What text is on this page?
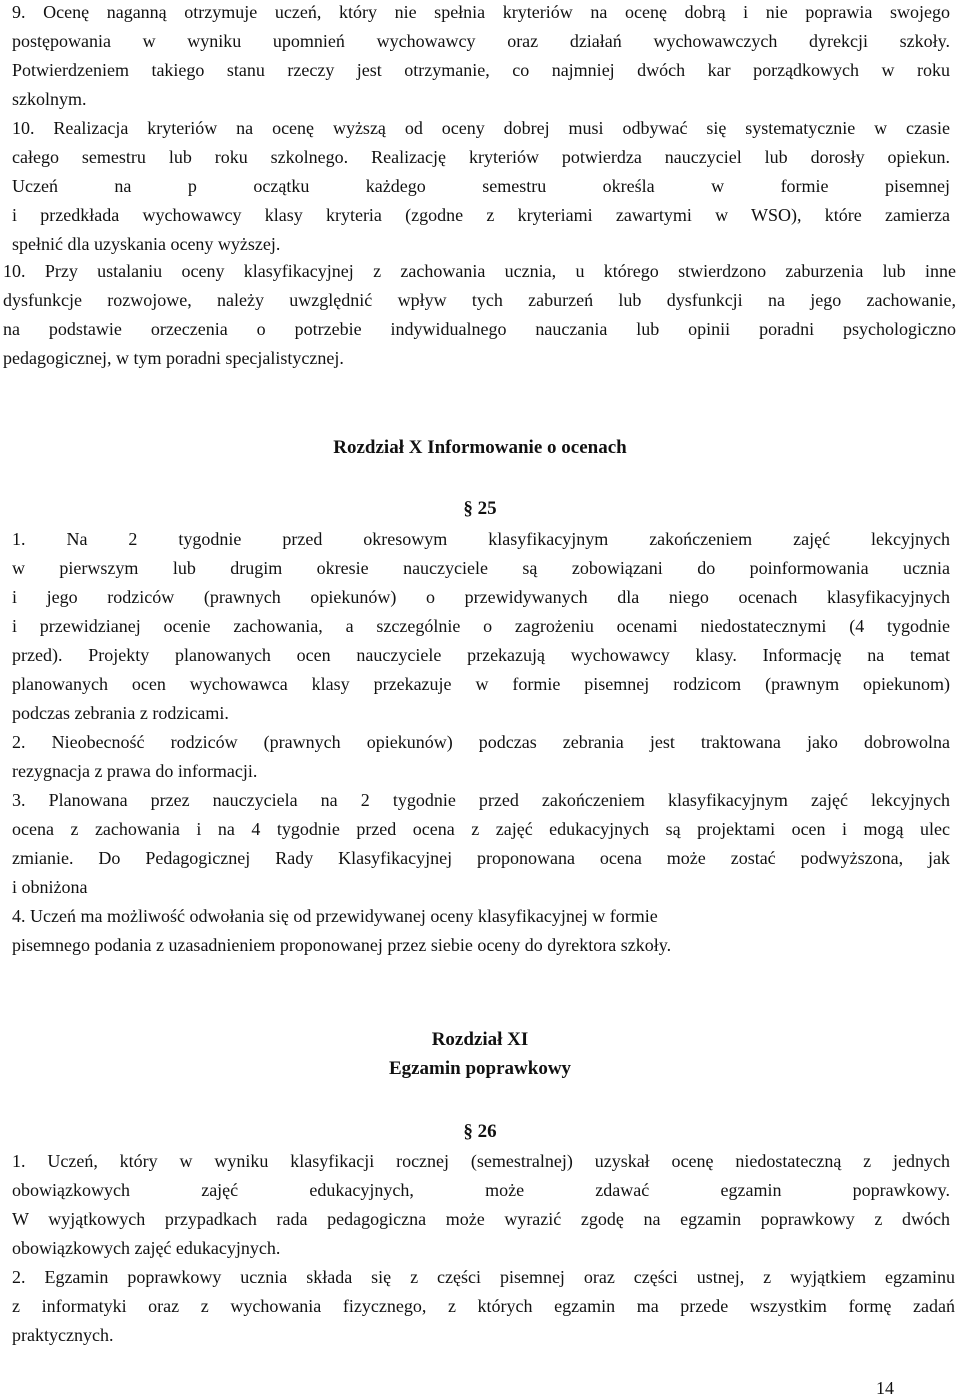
9. Ocenę naganną otrzymuje uczeń, który nie spełnia kryteriów na ocenę dobrą i nie poprawia swojego
postępowania w wyniku upomnień wychowawcy oraz działań wychowawczych dyrekcji szkoły.
Potwierdzeniem takiego stanu rzeczy jest otrzymanie, co najmniej dwóch kar porządkowych w roku
szkolnym.
10. Realizacja kryteriów na ocenę wyższą od oceny dobrej musi odbywać się systematycznie w czasie
całego semestru lub roku szkolnego. Realizację kryteriów potwierdza nauczyciel lub dorosły opiekun.
Uczeń na p oczątku każdego semestru określa w formie pisemnej
i przedkłada wychowawcy klasy kryteria (zgodne z kryteriami zawartymi w WSO), które zamierza
spełnić dla uzyskania oceny wyższej.
10. Przy ustalaniu oceny klasyfikacyjnej z zachowania ucznia, u którego stwierdzono zaburzenia lub inne
dysfunkcje rozwojowe, należy uwzględnić wpływ tych zaburzeń lub dysfunkcji na jego zachowanie,
na podstawie orzeczenia o potrzebie indywidualnego nauczania lub opinii poradni psychologiczno
pedagogicznej, w tym poradni specjalistycznej.
Rozdział X Informowanie o ocenach
§ 25
1. Na 2 tygodnie przed okresowym klasyfikacyjnym zakończeniem zajęć lekcyjnych
w pierwszym lub drugim okresie nauczyciele są zobowiązani do poinformowania ucznia
i jego rodziców (prawnych opiekunów) o przewidywanych dla niego ocenach klasyfikacyjnych
i przewidzianej ocenie zachowania, a szczególnie o zagrożeniu ocenami niedostatecznymi (4 tygodnie
przed). Projekty planowanych ocen nauczyciele przekazują wychowawcy klasy. Informację na temat
planowanych ocen wychowawca klasy przekazuje w formie pisemnej rodzicom (prawnym opiekunom)
podczas zebrania z rodzicami.
2. Nieobecność rodziców (prawnych opiekunów) podczas zebrania jest traktowana jako dobrowolna
rezygnacja z prawa do informacji.
3. Planowana przez nauczyciela na 2 tygodnie przed zakończeniem klasyfikacyjnym zajęć lekcyjnych
ocena z zachowania i na 4 tygodnie przed ocena z zajęć edukacyjnych są projektami ocen i mogą ulec
zmianie. Do Pedagogicznej Rady Klasyfikacyjnej proponowana ocena może zostać podwyższona, jak
i obniżona
4. Uczeń ma możliwość odwołania się od przewidywanej oceny klasyfikacyjnej w formie
pisemnego podania z uzasadnieniem proponowanej przez siebie oceny do dyrektora szkoły.
Rozdział XI
Egzamin poprawkowy
§ 26
1. Uczeń, który w wyniku klasyfikacji rocznej (semestralnej) uzyskał ocenę niedostateczną z jednych
obowiązkowych zajęć edukacyjnych, może zdawać egzamin poprawkowy.
W wyjątkowych przypadkach rada pedagogiczna może wyrazić zgodę na egzamin poprawkowy z dwóch
obowiązkowych zajęć edukacyjnych.
2. Egzamin poprawkowy ucznia składa się z części pisemnej oraz części ustnej, z wyjątkiem egzaminu
z informatyki oraz z wychowania fizycznego, z których egzamin ma przede wszystkim formę zadań
praktycznych.
14
